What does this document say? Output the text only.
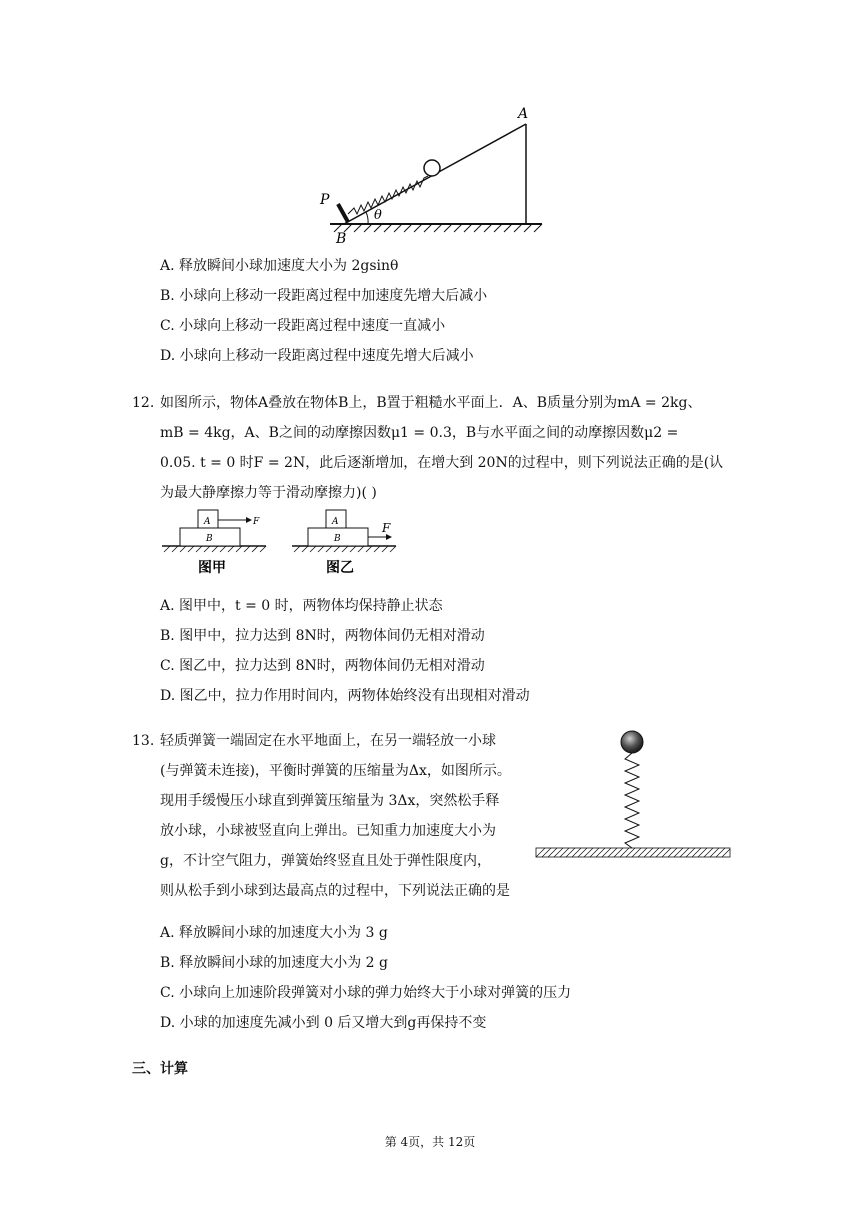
A
B
P
θ
A. 释放瞬间小球加速度大小为 2gsinθ
B. 小球向上移动一段距离过程中加速度先增大后减小
C. 小球向上移动一段距离过程中速度一直减小
D. 小球向上移动一段距离过程中速度先增大后减小
12. 如图所示，物体A叠放在物体B上，B置于粗糙水平面上．A、B质量分别为mA = 2kg、
mB = 4kg，A、B之间的动摩擦因数μ1 = 0.3，B与水平面之间的动摩擦因数μ2 =
0.05. t = 0 时F = 2N，此后逐渐增加，在增大到 20N的过程中，则下列说法正确的是(认
为最大静摩擦力等于滑动摩擦力)( )
A
B
F
图甲
A
B
F
图乙
A. 图甲中，t = 0 时，两物体均保持静止状态
B. 图甲中，拉力达到 8N时，两物体间仍无相对滑动
C. 图乙中，拉力达到 8N时，两物体间仍无相对滑动
D. 图乙中，拉力作用时间内，两物体始终没有出现相对滑动
13. 轻质弹簧一端固定在水平地面上，在另一端轻放一小球
(与弹簧未连接)，平衡时弹簧的压缩量为Δx，如图所示。
现用手缓慢压小球直到弹簧压缩量为 3Δx，突然松手释
放小球，小球被竖直向上弹出。已知重力加速度大小为
g，不计空气阻力，弹簧始终竖直且处于弹性限度内，
则从松手到小球到达最高点的过程中，下列说法正确的是
A. 释放瞬间小球的加速度大小为 3 g
B. 释放瞬间小球的加速度大小为 2 g
C. 小球向上加速阶段弹簧对小球的弹力始终大于小球对弹簧的压力
D. 小球的加速度先减小到 0 后又增大到g再保持不变
三、计算
第 4页，共 12页
